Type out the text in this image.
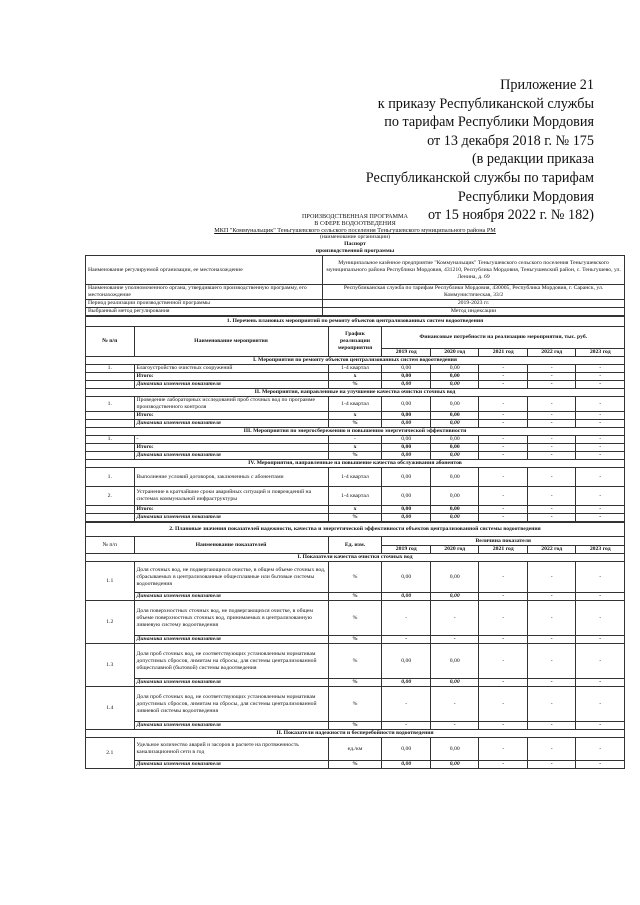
Приложение 21
к приказу Республиканской службы
по тарифам Республики Мордовия
от 13 декабря 2018 г. № 175
(в редакции приказа
Республиканской службы по тарифам
Республики Мордовия
от 15 ноября 2022 г. № 182)
ПРОИЗВОДСТВЕННАЯ ПРОГРАММА
В СФЕРЕ ВОДООТВЕДЕНИЯ
МКП "Коммунальщик" Теньгушевского сельского поселения Теньгушевского муниципального района РМ
(наименование организации)
Паспорт
производственной программы
Наименование регулируемой организации, ее местонахождение	Муниципальное казённое предприятие "Коммунальщик" Теньгушевского сельского поселения Теньгушевского муниципального района Республики Мордовия, 431210, Республика Мордовия, Теньгушевский район, с. Теньгушево, ул. Ленина, д. 69
Наименование уполномоченного органа, утвердившего производственную программу, его местонахождение	Республиканская служба по тарифам Республики Мордовия, 430005, Республика Мордовия, г. Саранск, ул. Коммунистическая, 33/2
Период реализации производственной программы	2019-2023 гг.
Выбранный метод регулирования	Метод индексации
1. Перечень плановых мероприятий по ремонту объектов централизованных систем водоотведения							
№ п/п	Наименование мероприятия	График реализации мероприятия	Финансовые потребности на реализацию мероприятия, тыс. руб.				
			2019 год	2020 год	2021 год	2022 год	2023 год
I. Мероприятия по ремонту объектов централизованных систем водоотведения							
1.	Благоустройство очистных сооружений	1-4 квартал	0,00	0,00	-	-	-
	Итого:	х	0,00	0,00	-	-	-
	Динамика изменения показателя	%	0,00	0,00	-	-	-
II. Мероприятия, направленные на улучшение качества очистки сточных вод							
1.	Проведение лабораторных исследований проб сточных вод по программе производственного контроля	1-4 квартал	0,00	0,00	-	-	-
	Итого:	х	0,00	0,00	-	-	-
	Динамика изменения показателя	%	0,00	0,00	-	-	-
III. Мероприятия по энергосбережению и повышению энергетической эффективности							
1.	-	-	0,00	0,00	-	-	-
	Итого:	х	0,00	0,00	-	-	-
	Динамика изменения показателя	%	0,00	0,00	-	-	-
IV. Мероприятия, направленные на повышение качества обслуживания абонентов							
1.	Выполнение условий договоров, заключенных с абонентами	1-4 квартал	0,00	0,00	-	-	-
2.	Устранение в кратчайшие сроки аварийных ситуаций и повреждений на системах коммунальной инфраструктуры	1-4 квартал	0,00	0,00	-	-	-
	Итого:	х	0,00	0,00	-	-	-
	Динамика изменения показателя	%	0,00	0,00	-	-	-
2. Плановые значения показателей надежности, качества и энергетической эффективности объектов централизованной системы водоотведения							
№ п/п	Наименование показателей	Ед. изм.	Величина показателя				
			2019 год	2020 год	2021 год	2022 год	2023 год
I. Показатели качества очистки сточных вод							
1.1	Доля сточных вод, не подвергающихся очистке, в общем объеме сточных вод, сбрасываемых в централизованные общесплавные или бытовые системы водоотведения	%	0,00	0,00	-	-	-
	Динамика изменения показателя	%	0,00	0,00	-	-	-
1.2	Доля поверхностных сточных вод, не подвергающихся очистке, в общем объеме поверхностных сточных вод, принимаемых в централизованную ливневую систему водоотведения	%	-	-	-	-	-
	Динамика изменения показателя	%	-	-	-	-	-
1.3	Доля проб сточных вод, не соответствующих установленным нормативам допустимых сбросов, лимитам на сбросы, для системы централизованной общесплавной (бытовой) системы водоотведения	%	0,00	0,00	-	-	-
	Динамика изменения показателя	%	0,00	0,00	-	-	-
1.4	Доля проб сточных вод, не соответствующих установленным нормативам допустимых сбросов, лимитам на сбросы, для системы централизованной ливневой системы водоотведения	%	-	-	-	-	-
	Динамика изменения показателя	%	-	-	-	-	-
II. Показатели надежности и бесперебойности водоотведения							
2.1	Удельное количество аварий и засоров в расчете на протяженность канализационной сети в год	ед./км	0,00	0,00	-	-	-
	Динамика изменения показателя	%	0,00	0,00	-	-	-
